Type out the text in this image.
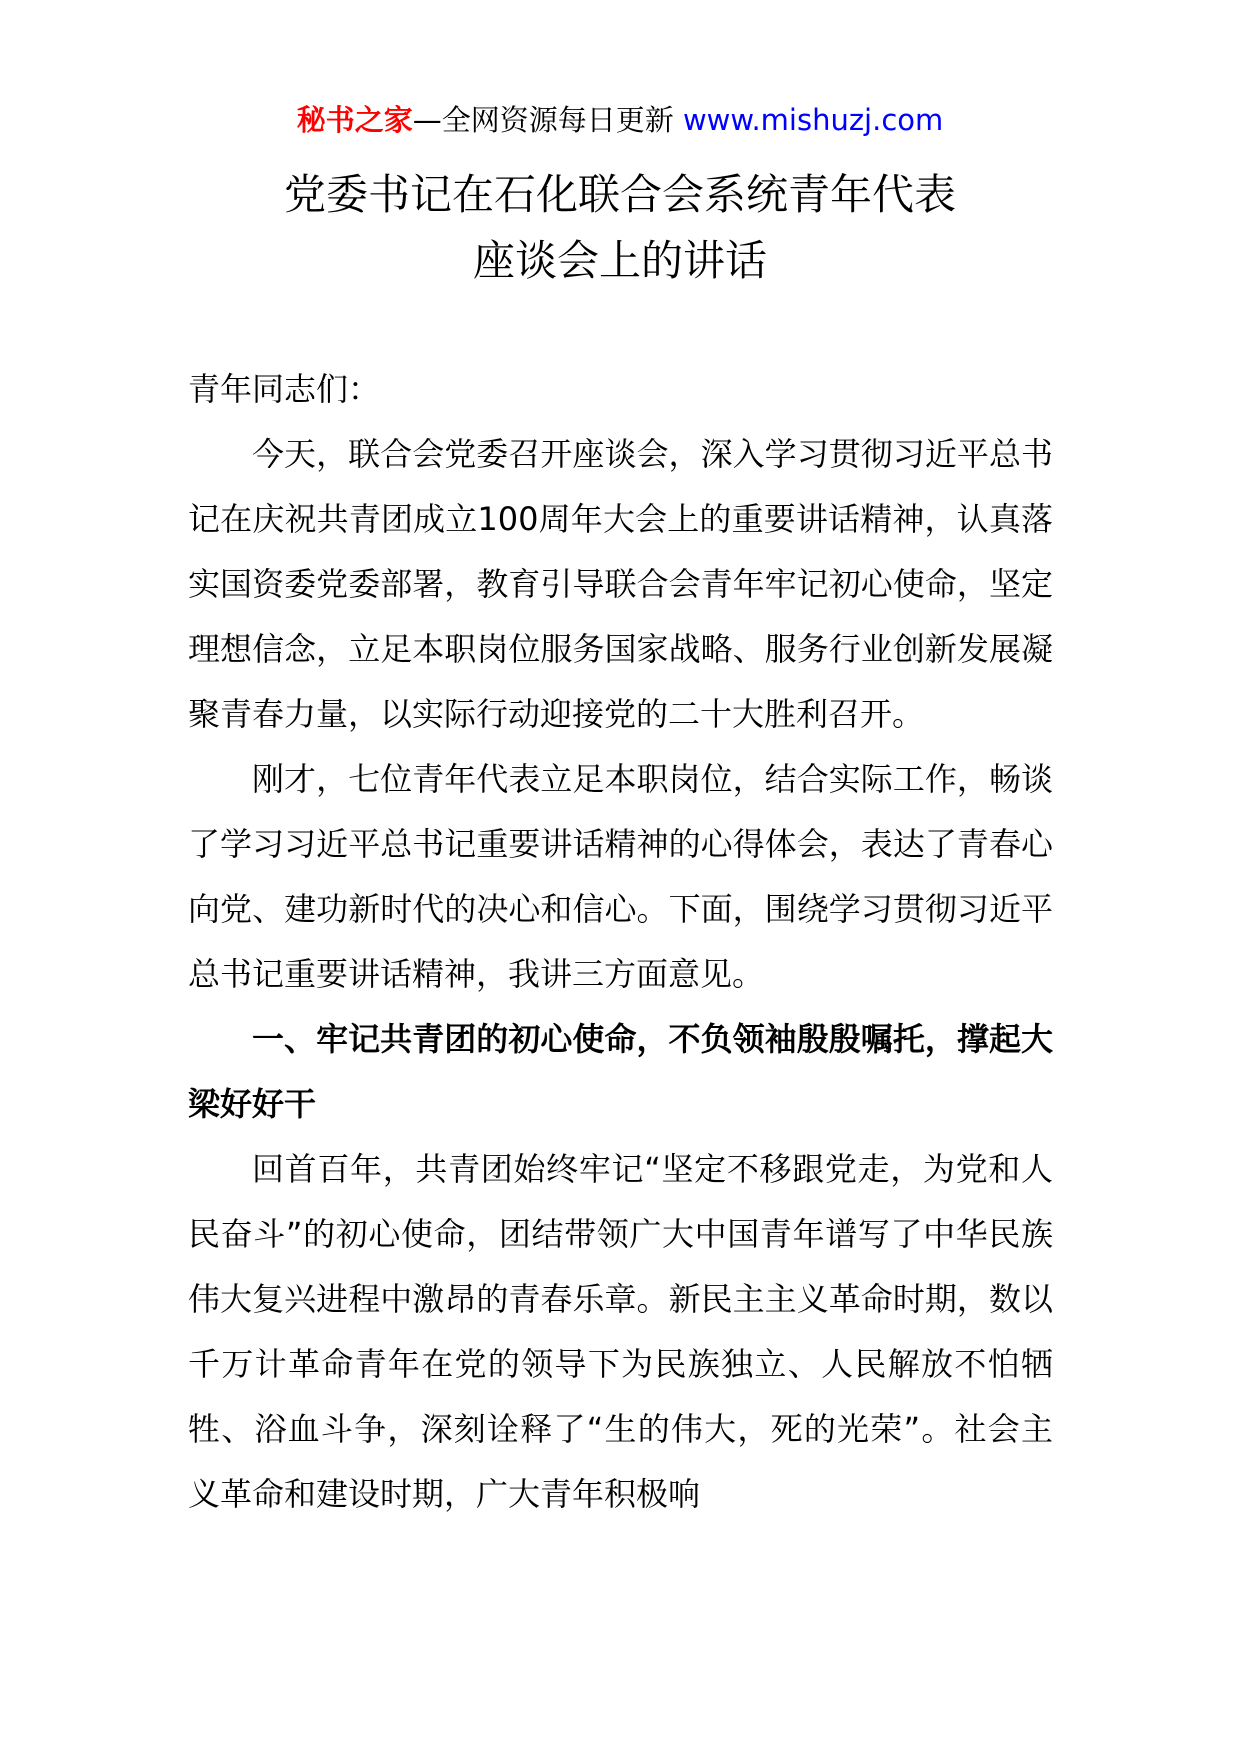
秘书之家—全网资源每日更新 www.mishuzj.com
党委书记在石化联合会系统青年代表
座谈会上的讲话

青年同志们：

今天，联合会党委召开座谈会，深入学习贯彻习近平总书记在庆祝共青团成立100周年大会上的重要讲话精神，认真落实国资委党委部署，教育引导联合会青年牢记初心使命，坚定理想信念，立足本职岗位服务国家战略、服务行业创新发展凝聚青春力量，以实际行动迎接党的二十大胜利召开。

刚才，七位青年代表立足本职岗位，结合实际工作，畅谈了学习习近平总书记重要讲话精神的心得体会，表达了青春心向党、建功新时代的决心和信心。下面，围绕学习贯彻习近平总书记重要讲话精神，我讲三方面意见。

一、牢记共青团的初心使命，不负领袖殷殷嘱托，撑起大梁好好干

回首百年，共青团始终牢记“坚定不移跟党走，为党和人民奋斗”的初心使命，团结带领广大中国青年谱写了中华民族伟大复兴进程中激昂的青春乐章。新民主主义革命时期，数以千万计革命青年在党的领导下为民族独立、人民解放不怕牺牲、浴血斗争，深刻诠释了“生的伟大，死的光荣”。社会主义革命和建设时期，广大青年积极响
